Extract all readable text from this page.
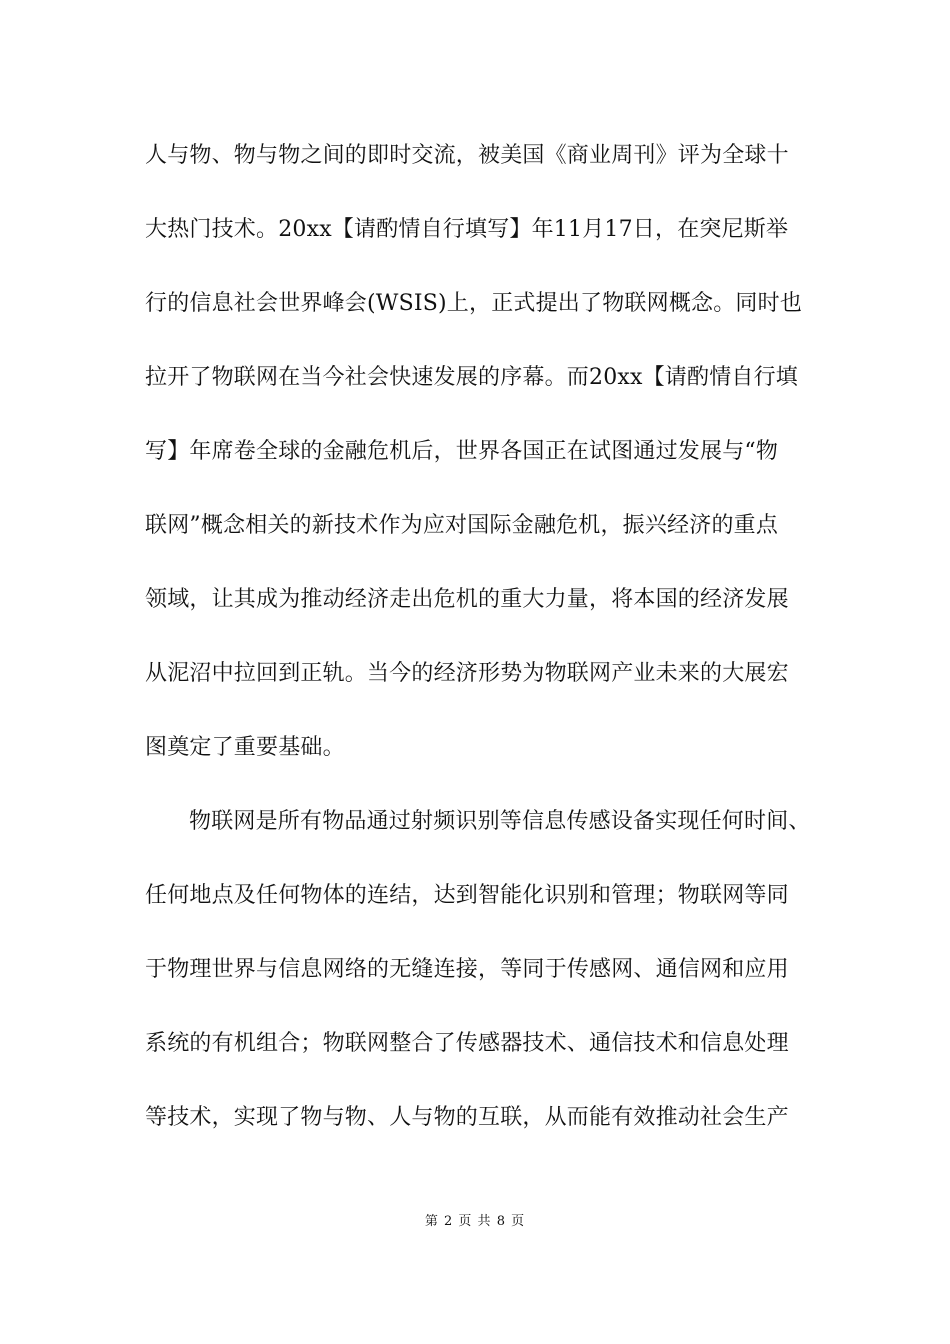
人与物、物与物之间的即时交流，被美国《商业周刊》评为全球十
大热门技术。20xx【请酌情自行填写】年11月17日，在突尼斯举
行的信息社会世界峰会(WSIS)上，正式提出了物联网概念。同时也
拉开了物联网在当今社会快速发展的序幕。而20xx【请酌情自行填
写】年席卷全球的金融危机后，世界各国正在试图通过发展与“物
联网”概念相关的新技术作为应对国际金融危机，振兴经济的重点
领域，让其成为推动经济走出危机的重大力量，将本国的经济发展
从泥沼中拉回到正轨。当今的经济形势为物联网产业未来的大展宏
图奠定了重要基础。
物联网是所有物品通过射频识别等信息传感设备实现任何时间、
任何地点及任何物体的连结，达到智能化识别和管理；物联网等同
于物理世界与信息网络的无缝连接，等同于传感网、通信网和应用
系统的有机组合；物联网整合了传感器技术、通信技术和信息处理
等技术，实现了物与物、人与物的互联，从而能有效推动社会生产
第 2 页 共 8 页
